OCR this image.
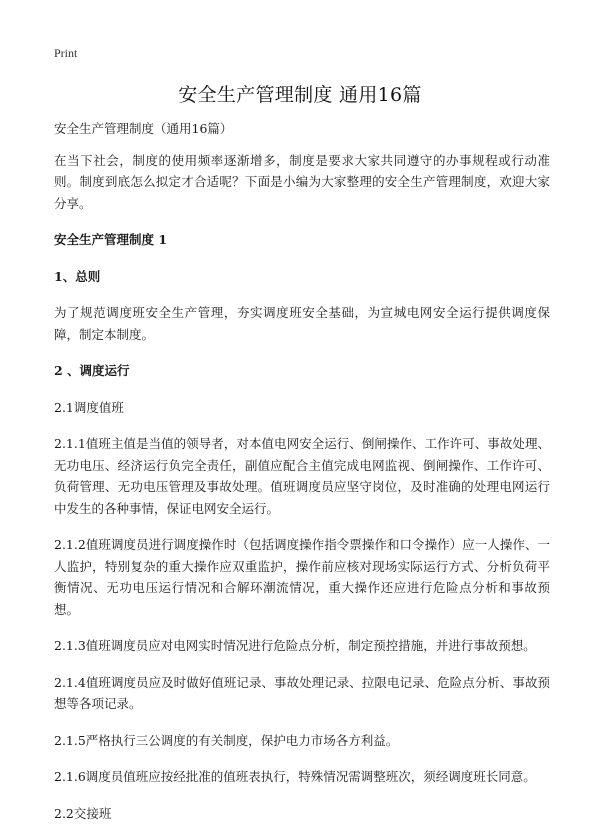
Print
安全生产管理制度 通用16篇

安全生产管理制度（通用16篇）

在当下社会，制度的使用频率逐渐增多，制度是要求大家共同遵守的办事规程或行动准则。制度到底怎么拟定才合适呢？下面是小编为大家整理的安全生产管理制度，欢迎大家分享。

安全生产管理制度 1

1、总则

为了规范调度班安全生产管理，夯实调度班安全基础，为宣城电网安全运行提供调度保障，制定本制度。

2 、调度运行

2.1调度值班

2.1.1值班主值是当值的领导者，对本值电网安全运行、倒闸操作、工作许可、事故处理、无功电压、经济运行负完全责任，副值应配合主值完成电网监视、倒闸操作、工作许可、负荷管理、无功电压管理及事故处理。值班调度员应坚守岗位，及时准确的处理电网运行中发生的各种事情，保证电网安全运行。

2.1.2值班调度员进行调度操作时（包括调度操作指令票操作和口令操作）应一人操作、一人监护，特别复杂的重大操作应双重监护，操作前应核对现场实际运行方式、分析负荷平衡情况、无功电压运行情况和合解环潮流情况，重大操作还应进行危险点分析和事故预想。

2.1.3值班调度员应对电网实时情况进行危险点分析，制定预控措施，并进行事故预想。

2.1.4值班调度员应及时做好值班记录、事故处理记录、拉限电记录、危险点分析、事故预想等各项记录。

2.1.5严格执行三公调度的有关制度，保护电力市场各方利益。

2.1.6调度员值班应按经批准的值班表执行，特殊情况需调整班次，须经调度班长同意。

2.2交接班
